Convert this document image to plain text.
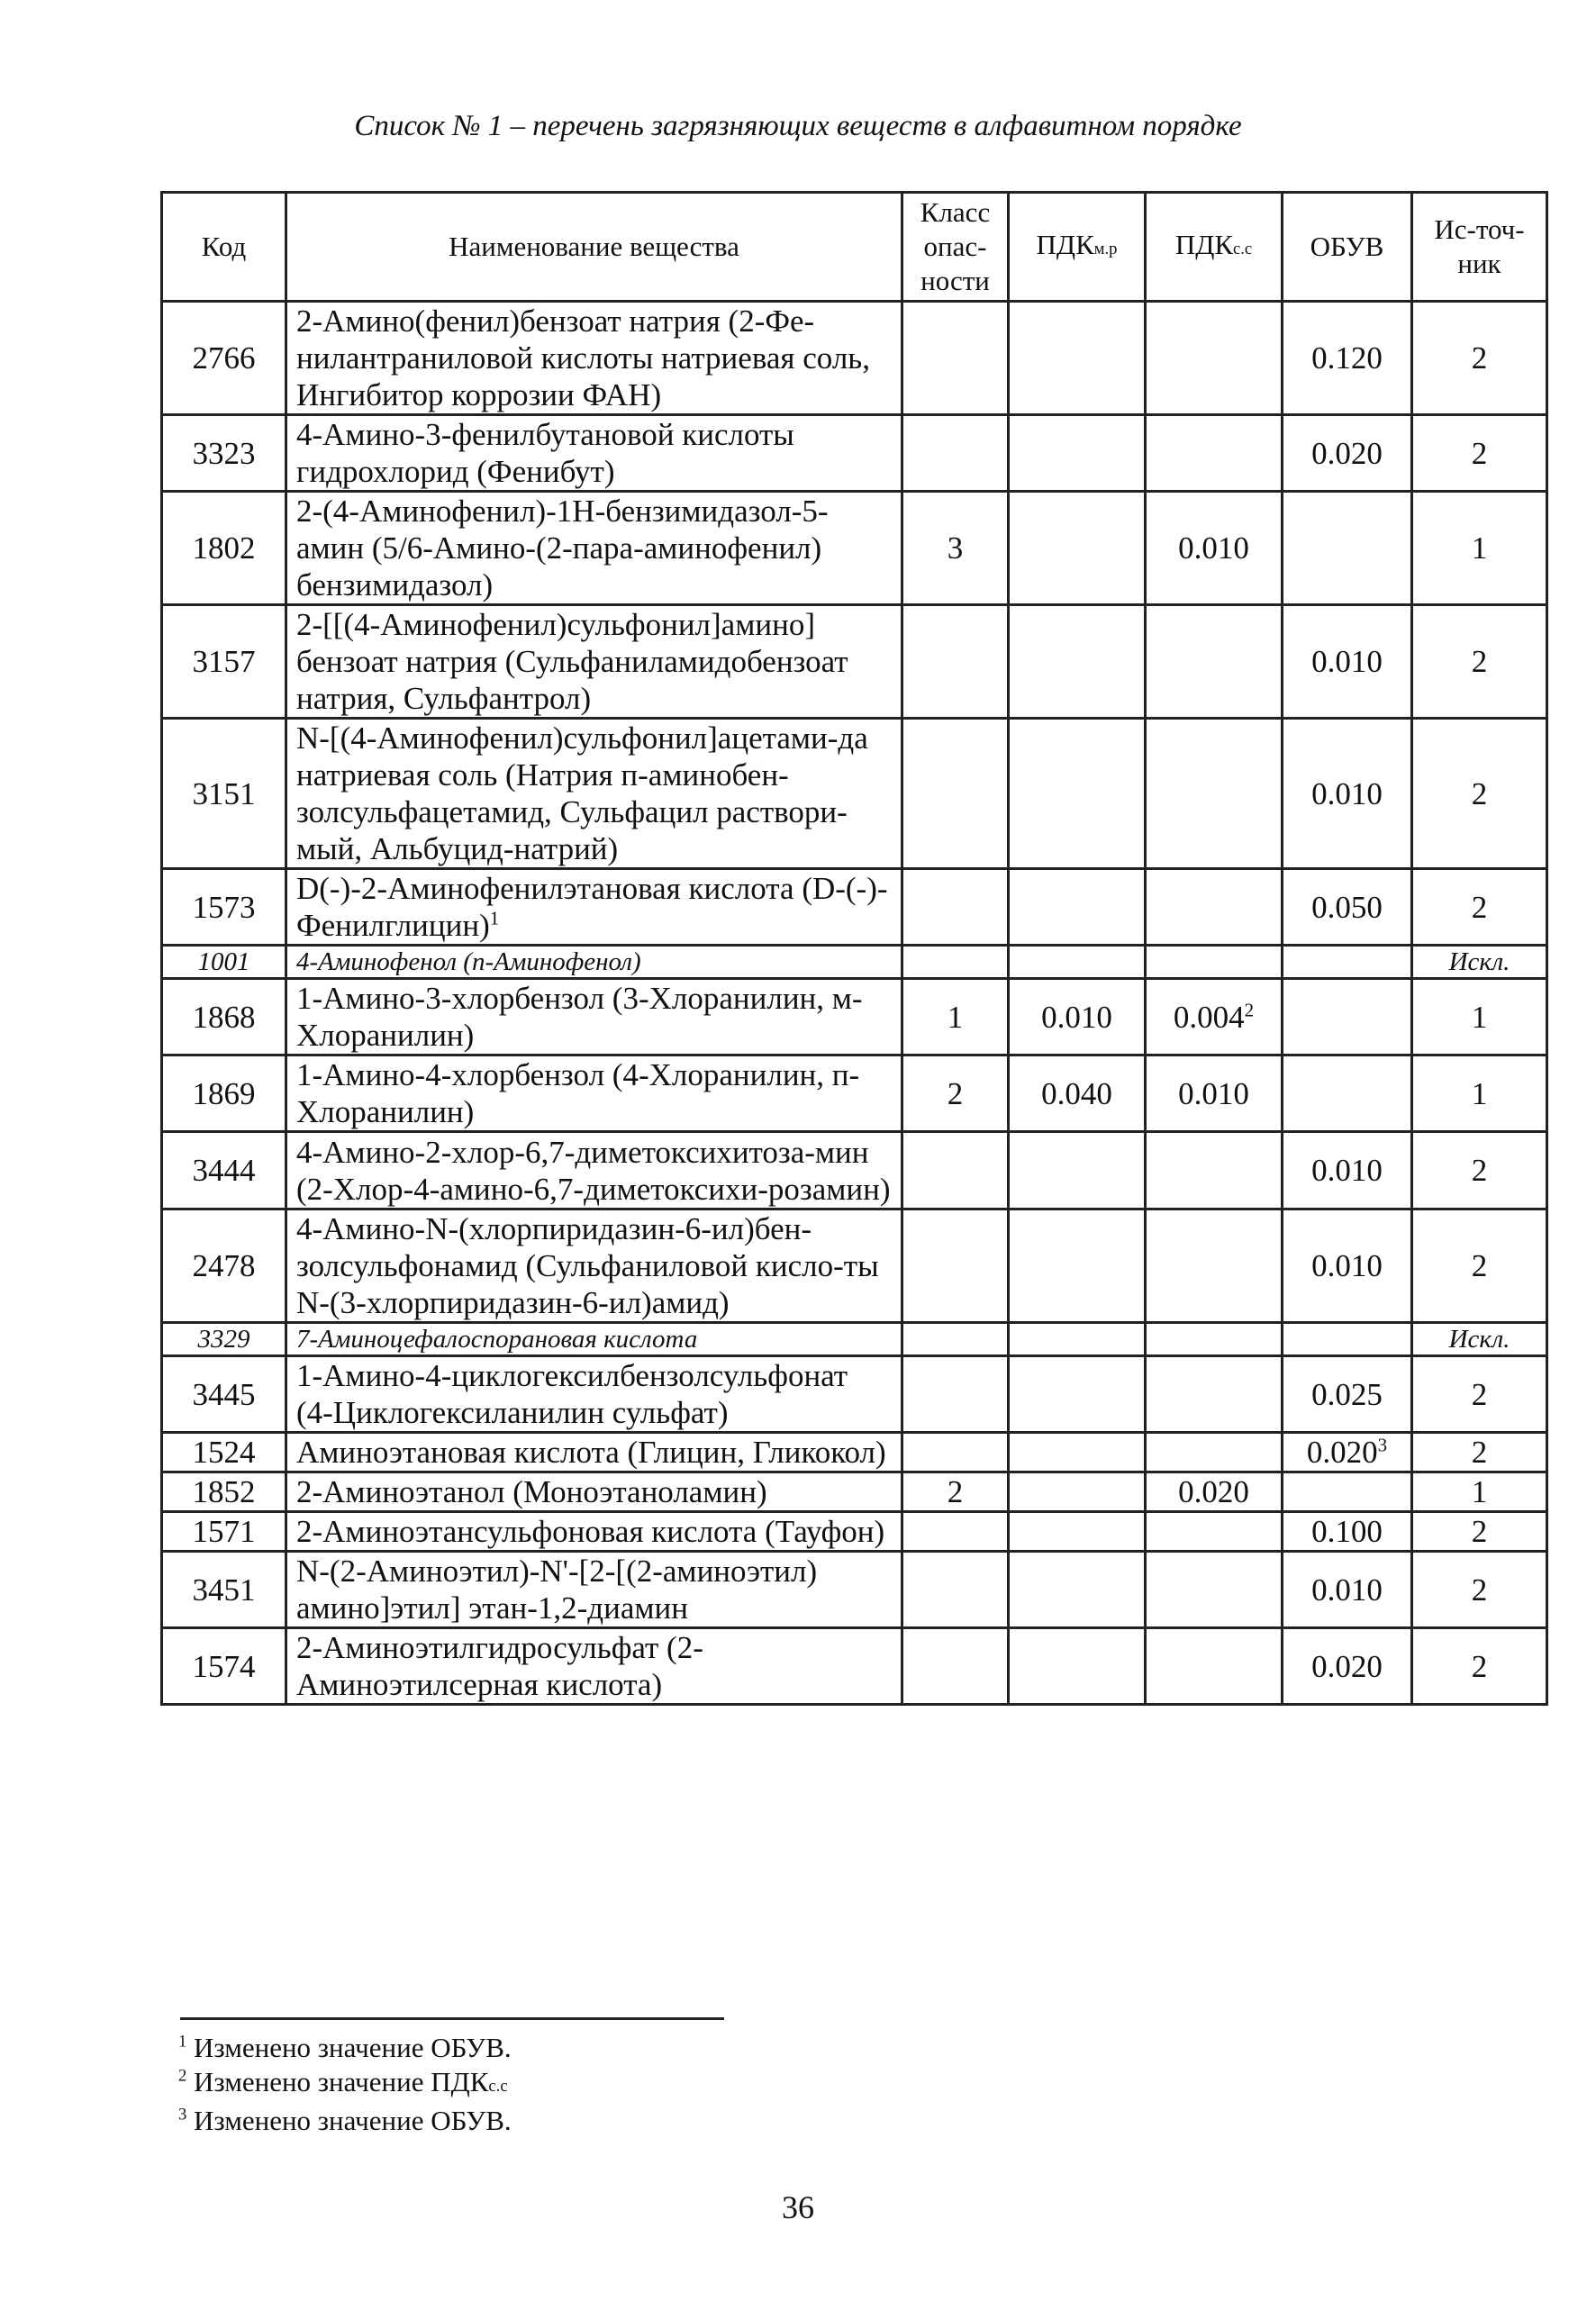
Список № 1 – перечень загрязняющих веществ в алфавитном порядке
Код	Наименование вещества	Класс опас-ности	ПДКм.р	ПДКс.с	ОБУВ	Ис-точ-ник
2766	2-Амино(фенил)бензоат натрия (2-Фе-нилантраниловой кислоты натриевая соль, Ингибитор коррозии ФАН)				0.120	2
3323	4-Амино-3-фенилбутановой кислоты гидрохлорид (Фенибут)				0.020	2
1802	2-(4-Аминофенил)-1Н-бензимидазол-5-амин (5/6-Амино-(2-пара-аминофенил) бензимидазол)	3		0.010		1
3157	2-[[(4-Аминофенил)сульфонил]амино] бензоат натрия (Сульфаниламидобензоат натрия, Сульфантрол)				0.010	2
3151	N-[(4-Аминофенил)сульфонил]ацетами-да натриевая соль (Натрия п-аминобен-золсульфацетамид, Сульфацил раствори-мый, Альбуцид-натрий)				0.010	2
1573	D(-)-2-Аминофенилэтановая кислота (D-(-)-Фенилглицин)$^1$				0.050	2
1001	4-Аминофенол (п-Аминофенол)					Искл.
1868	1-Амино-3-хлорбензол (3-Хлоранилин, м-Хлоранилин)	1	0.010	0.004$^2$		1
1869	1-Амино-4-хлорбензол (4-Хлоранилин, п-Хлоранилин)	2	0.040	0.010		1
3444	4-Амино-2-хлор-6,7-диметоксихитоза-мин (2-Хлор-4-амино-6,7-диметоксихи-розамин)				0.010	2
2478	4-Амино-N-(хлорпиридазин-6-ил)бен-золсульфонамид (Сульфаниловой кисло-ты N-(3-хлорпиридазин-6-ил)амид)				0.010	2
3329	7-Аминоцефалоспорановая кислота					Искл.
3445	1-Амино-4-циклогексилбензолсульфонат (4-Циклогексиланилин сульфат)				0.025	2
1524	Аминоэтановая кислота (Глицин, Гликокол)				0.020$^3$	2
1852	2-Аминоэтанол (Моноэтаноламин)	2		0.020		1
1571	2-Аминоэтансульфоновая кислота (Тауфон)				0.100	2
3451	N-(2-Аминоэтил)-N'-[2-[(2-аминоэтил) амино]этил] этан-1,2-диамин				0.010	2
1574	2-Аминоэтилгидросульфат (2-Аминоэтилсерная кислота)				0.020	2
$^1$ Изменено значение ОБУВ.
$^2$ Изменено значение ПДКс.с
$^3$ Изменено значение ОБУВ.
36
